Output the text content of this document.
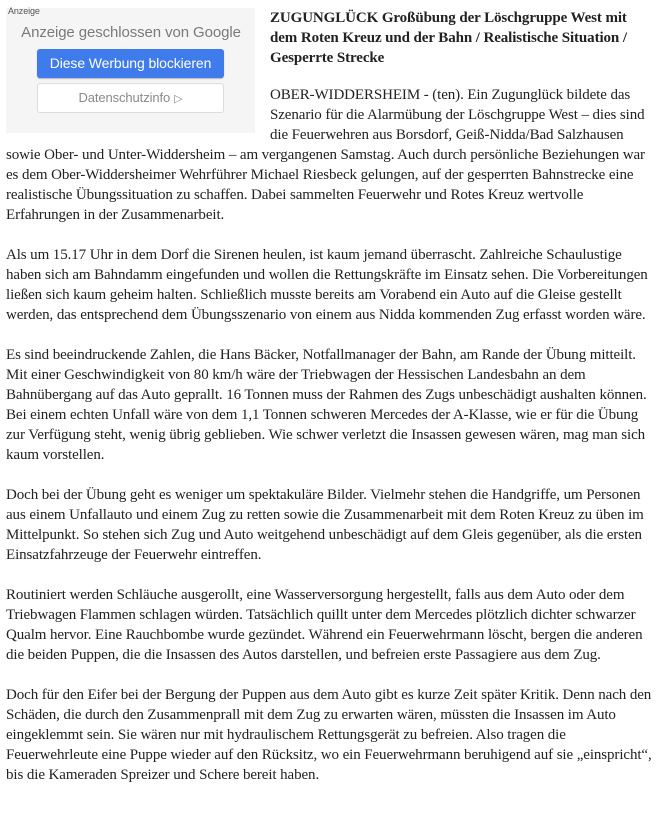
Anzeige
Anzeige geschlossen von Google
Diese Werbung blockieren
Datenschutzinfo ▷
ZUGUNGLÜCK Großübung der Löschgruppe West mit dem Roten Kreuz und der Bahn / Realistische Situation / Gesperrte Strecke

OBER-WIDDERSHEIM - (ten). Ein Zugunglück bildete das Szenario für die Alarmübung der Löschgruppe West – dies sind die Feuerwehren aus Borsdorf, Geiß-Nidda/Bad Salzhausen sowie Ober- und Unter-Widdersheim – am vergangenen Samstag. Auch durch persönliche Beziehungen war es dem Ober-Widdersheimer Wehrführer Michael Riesbeck gelungen, auf der gesperrten Bahnstrecke eine realistische Übungssituation zu schaffen. Dabei sammelten Feuerwehr und Rotes Kreuz wertvolle Erfahrungen in der Zusammenarbeit.

Als um 15.17 Uhr in dem Dorf die Sirenen heulen, ist kaum jemand überrascht. Zahlreiche Schaulustige haben sich am Bahndamm eingefunden und wollen die Rettungskräfte im Einsatz sehen. Die Vorbereitungen ließen sich kaum geheim halten. Schließlich musste bereits am Vorabend ein Auto auf die Gleise gestellt werden, das entsprechend dem Übungsszenario von einem aus Nidda kommenden Zug erfasst worden wäre.

Es sind beeindruckende Zahlen, die Hans Bäcker, Notfallmanager der Bahn, am Rande der Übung mitteilt. Mit einer Geschwindigkeit von 80 km/h wäre der Triebwagen der Hessischen Landesbahn an dem Bahnübergang auf das Auto geprallt. 16 Tonnen muss der Rahmen des Zugs unbeschädigt aushalten können. Bei einem echten Unfall wäre von dem 1,1 Tonnen schweren Mercedes der A-Klasse, wie er für die Übung zur Verfügung steht, wenig übrig geblieben. Wie schwer verletzt die Insassen gewesen wären, mag man sich kaum vorstellen.

Doch bei der Übung geht es weniger um spektakuläre Bilder. Vielmehr stehen die Handgriffe, um Personen aus einem Unfallauto und einem Zug zu retten sowie die Zusammenarbeit mit dem Roten Kreuz zu üben im Mittelpunkt. So stehen sich Zug und Auto weitgehend unbeschädigt auf dem Gleis gegenüber, als die ersten Einsatzfahrzeuge der Feuerwehr eintreffen.

Routiniert werden Schläuche ausgerollt, eine Wasserversorgung hergestellt, falls aus dem Auto oder dem Triebwagen Flammen schlagen würden. Tatsächlich quillt unter dem Mercedes plötzlich dichter schwarzer Qualm hervor. Eine Rauchbombe wurde gezündet. Während ein Feuerwehrmann löscht, bergen die anderen die beiden Puppen, die die Insassen des Autos darstellen, und befreien erste Passagiere aus dem Zug.

Doch für den Eifer bei der Bergung der Puppen aus dem Auto gibt es kurze Zeit später Kritik. Denn nach den Schäden, die durch den Zusammenprall mit dem Zug zu erwarten wären, müssten die Insassen im Auto eingeklemmt sein. Sie wären nur mit hydraulischem Rettungsgerät zu befreien. Also tragen die Feuerwehrleute eine Puppe wieder auf den Rücksitz, wo ein Feuerwehrmann beruhigend auf sie „einspricht“, bis die Kameraden Spreizer und Schere bereit haben.
